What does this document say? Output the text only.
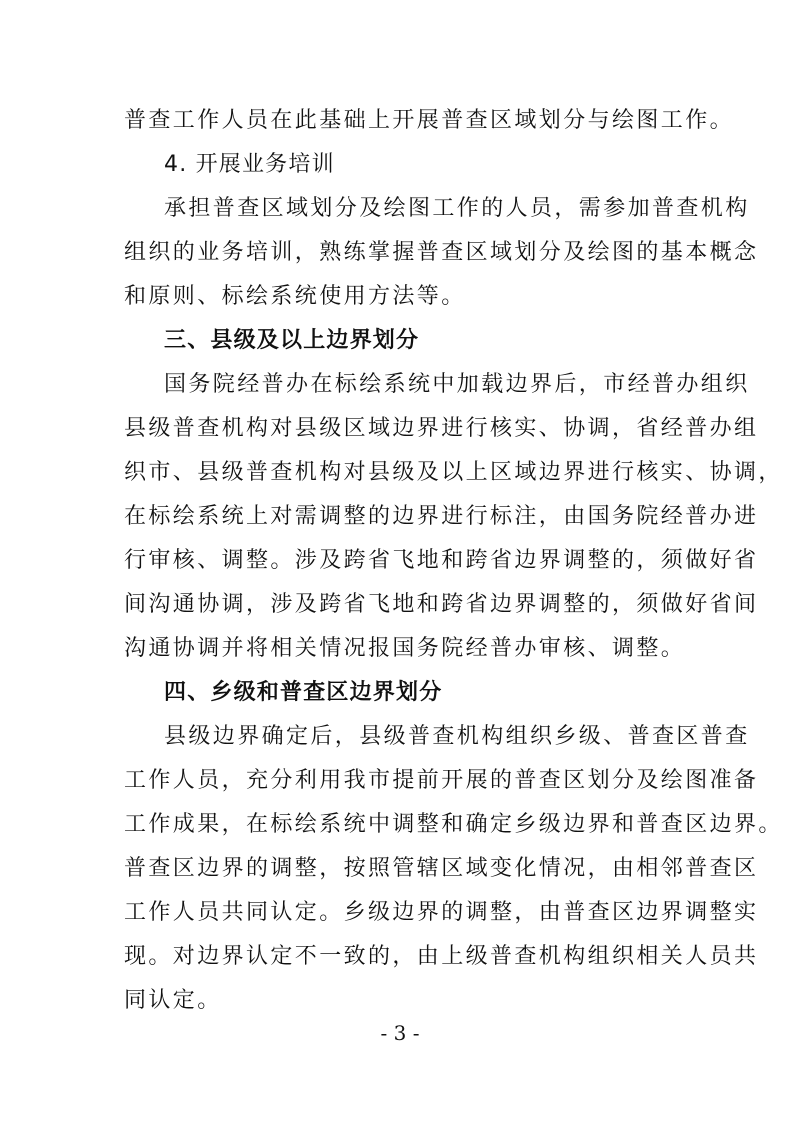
普查工作人员在此基础上开展普查区域划分与绘图工作。
4. 开展业务培训
承担普查区域划分及绘图工作的人员，需参加普查机构
组织的业务培训，熟练掌握普查区域划分及绘图的基本概念
和原则、标绘系统使用方法等。
三、县级及以上边界划分
国务院经普办在标绘系统中加载边界后，市经普办组织
县级普查机构对县级区域边界进行核实、协调，省经普办组
织市、县级普查机构对县级及以上区域边界进行核实、协调，
在标绘系统上对需调整的边界进行标注，由国务院经普办进
行审核、调整。涉及跨省飞地和跨省边界调整的，须做好省
间沟通协调，涉及跨省飞地和跨省边界调整的，须做好省间
沟通协调并将相关情况报国务院经普办审核、调整。
四、乡级和普查区边界划分
县级边界确定后，县级普查机构组织乡级、普查区普查
工作人员，充分利用我市提前开展的普查区划分及绘图准备
工作成果，在标绘系统中调整和确定乡级边界和普查区边界。
普查区边界的调整，按照管辖区域变化情况，由相邻普查区
工作人员共同认定。乡级边界的调整，由普查区边界调整实
现。对边界认定不一致的，由上级普查机构组织相关人员共
同认定。
- 3 -
